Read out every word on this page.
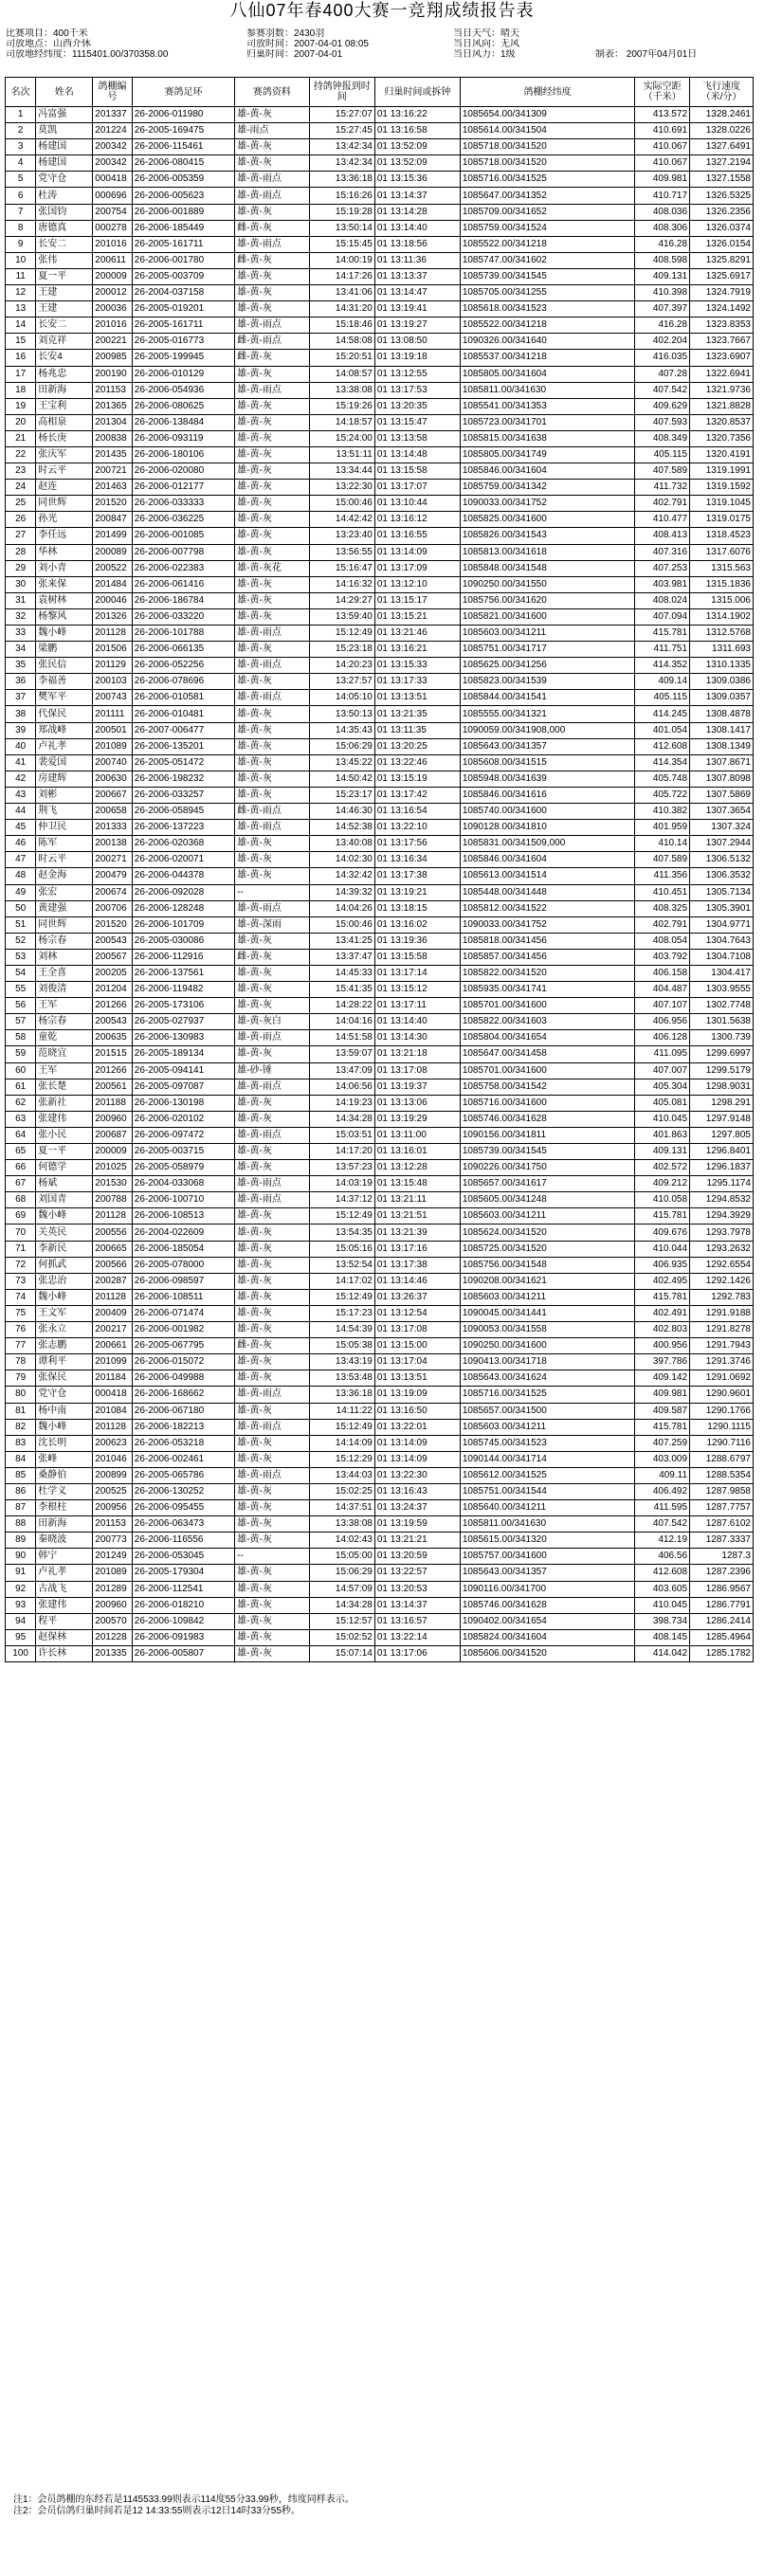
八仙07年春400大赛一竞翔成绩报告表
比赛项目：400千米	参赛羽数：2430羽	当日天气：晴天
司放地点：山西介休	司放时间：2007-04-01 08:05	当日风向：无风
司放地经纬度：1115401.00/370358.00	归巢时间：2007-04-01	当日风力：1级	制表： 2007年04月01日
名次	姓名	鸽棚编号	赛鸽足环	赛鸽资料	持鸽钟报到时间	归巢时间或拆钟	鸽棚经纬度	实际空距（千米）	飞行速度（米/分）
1	冯富强	201337	26-2006-011980	雄-黄-灰	15:27:07	01 13:16:22	1085654.00/341309	413.572	1328.2461
2	莫凯	201224	26-2005-169475	雄-雨点	15:27:45	01 13:16:58	1085614.00/341504	410.691	1328.0226
3	杨建国	200342	26-2006-115461	雄-黄-灰	13:42:34	01 13:52:09	1085718.00/341520	410.067	1327.6491
4	杨建国	200342	26-2006-080415	雄-黄-灰	13:42:34	01 13:52:09	1085718.00/341520	410.067	1327.2194
5	党守仓	000418	26-2006-005359	雄-黄-雨点	13:36:18	01 13:15:36	1085716.00/341525	409.981	1327.1558
6	杜涛	000696	26-2006-005623	雄-黄-雨点	15:16:26	01 13:14:37	1085647.00/341352	410.717	1326.5325
7	张国钧	200754	26-2006-001889	雄-黄-灰	15:19:28	01 13:14:28	1085709.00/341652	408.036	1326.2356
8	唐德真	000278	26-2006-185449	雌-黄-灰	13:50:14	01 13:14:40	1085759.00/341524	408.306	1326.0374
9	长安二	201016	26-2005-161711	雄-黄-雨点	15:15:45	01 13:18:56	1085522.00/341218	416.28	1326.0154
10	张伟	200611	26-2006-001780	雌-黄-灰	14:00:19	01 13:11:36	1085747.00/341602	408.598	1325.8291
11	夏一平	200009	26-2005-003709	雄-黄-灰	14:17:26	01 13:13:37	1085739.00/341545	409.131	1325.6917
12	王建	200012	26-2004-037158	雄-黄-灰	13:41:06	01 13:14:47	1085705.00/341255	410.398	1324.7919
13	王建	200036	26-2005-019201	雄-黄-灰	14:31:20	01 13:19:41	1085618.00/341523	407.397	1324.1492
14	长安二	201016	26-2005-161711	雄-黄-雨点	15:18:46	01 13:19:27	1085522.00/341218	416.28	1323.8353
15	刘克祥	200221	26-2005-016773	雌-黄-雨点	14:58:08	01 13:08:50	1090326.00/341640	402.204	1323.7667
16	长安4	200985	26-2005-199945	雌-黄-灰	15:20:51	01 13:19:18	1085537.00/341218	416.035	1323.6907
17	杨兆忠	200190	26-2006-010129	雄-黄-灰	14:08:57	01 13:12:55	1085805.00/341604	407.28	1322.6941
18	田新海	201153	26-2006-054936	雄-黄-雨点	13:38:08	01 13:17:53	1085811.00/341630	407.542	1321.9736
19	王宝利	201365	26-2006-080625	雄-黄-灰	15:19:26	01 13:20:35	1085541.00/341353	409.629	1321.8828
20	高相泉	201304	26-2006-138484	雄-黄-灰	14:18:57	01 13:15:47	1085723.00/341701	407.593	1320.8537
21	杨长庚	200838	26-2006-093119	雄-黄-灰	15:24:00	01 13:13:58	1085815.00/341638	408.349	1320.7356
22	张庆军	201435	26-2006-180106	雄-黄-灰	13:51:11	01 13:14:48	1085805.00/341749	405.115	1320.4191
23	时云平	200721	26-2006-020080	雄-黄-灰	13:34:44	01 13:15:58	1085846.00/341604	407.589	1319.1991
24	赵连	201463	26-2006-012177	雄-黄-灰	13:22:30	01 13:17:07	1085759.00/341342	411.732	1319.1592
25	同世辉	201520	26-2006-033333	雄-黄-灰	15:00:46	01 13:10:44	1090033.00/341752	402.791	1319.1045
26	孙光	200847	26-2006-036225	雄-黄-灰	14:42:42	01 13:16:12	1085825.00/341600	410.477	1319.0175
27	李任远	201499	26-2006-001085	雄-黄-灰	13:23:40	01 13:16:55	1085826.00/341543	408.413	1318.4523
28	华林	200089	26-2006-007798	雄-黄-灰	13:56:55	01 13:14:09	1085813.00/341618	407.316	1317.6076
29	刘小青	200522	26-2006-022383	雄-黄-灰花	15:16:47	01 13:17:09	1085848.00/341548	407.253	1315.563
30	张来保	201484	26-2006-061416	雄-黄-灰	14:16:32	01 13:12:10	1090250.00/341550	403.981	1315.1836
31	袁树林	200046	26-2006-186784	雄-黄-灰	14:29:27	01 13:15:17	1085756.00/341620	408.024	1315.006
32	杨黎风	201326	26-2006-033220	雄-黄-灰	13:59:40	01 13:15:21	1085821.00/341600	407.094	1314.1902
33	魏小峰	201128	26-2006-101788	雄-黄-雨点	15:12:49	01 13:21:46	1085603.00/341211	415.781	1312.5768
34	梁鹏	201506	26-2006-066135	雄-黄-灰	15:23:18	01 13:16:21	1085751.00/341717	411.751	1311.693
35	张民信	201129	26-2006-052256	雄-黄-雨点	14:20:23	01 13:15:33	1085625.00/341256	414.352	1310.1335
36	李福善	200103	26-2006-078696	雄-黄-灰	13:27:57	01 13:17:33	1085823.00/341539	409.14	1309.0386
37	樊军平	200743	26-2006-010581	雄-黄-雨点	14:05:10	01 13:13:51	1085844.00/341541	405.115	1309.0357
38	代保民	201111	26-2006-010481	雄-黄-灰	13:50:13	01 13:21:35	1085555.00/341321	414.245	1308.4878
39	郑战峰	200501	26-2007-006477	雄-黄-灰	14:35:43	01 13:11:35	1090059.00/341908,000	401.054	1308.1417
40	卢礼孝	201089	26-2006-135201	雄-黄-灰	15:06:29	01 13:20:25	1085643.00/341357	412.608	1308.1349
41	裴爱国	200740	26-2005-051472	雄-黄-灰	13:45:22	01 13:22:46	1085608.00/341515	414.354	1307.8671
42	房建辉	200630	26-2006-198232	雄-黄-灰	14:50:42	01 13:15:19	1085948.00/341639	405.748	1307.8098
43	刘彬	200667	26-2006-033257	雄-黄-灰	15:23:17	01 13:17:42	1085846.00/341616	405.722	1307.5869
44	荆飞	200658	26-2006-058945	雌-黄-雨点	14:46:30	01 13:16:54	1085740.00/341600	410.382	1307.3654
45	仲卫民	201333	26-2006-137223	雄-黄-雨点	14:52:38	01 13:22:10	1090128.00/341810	401.959	1307.324
46	陈军	200138	26-2006-020368	雄-黄-灰	13:40:08	01 13:17:56	1085831.00/341509,000	410.14	1307.2944
47	时云平	200271	26-2006-020071	雄-黄-灰	14:02:30	01 13:16:34	1085846.00/341604	407.589	1306.5132
48	赵金海	200479	26-2006-044378	雄-黄-灰	14:32:42	01 13:17:38	1085613.00/341514	411.356	1306.3532
49	张宏	200674	26-2006-092028	--	14:39:32	01 13:19:21	1085448.00/341448	410.451	1305.7134
50	黄建强	200706	26-2006-128248	雄-黄-雨点	14:04:26	01 13:18:15	1085812.00/341522	408.325	1305.3901
51	同世辉	201520	26-2006-101709	雄-黄-深雨	15:00:46	01 13:16:02	1090033.00/341752	402.791	1304.9771
52	杨宗春	200543	26-2005-030086	雄-黄-灰	13:41:25	01 13:19:36	1085818.00/341456	408.054	1304.7643
53	刘林	200567	26-2006-112916	雌-黄-灰	13:37:47	01 13:15:58	1085857.00/341456	403.792	1304.7108
54	王全喜	200205	26-2006-137561	雄-黄-灰	14:45:33	01 13:17:14	1085822.00/341520	406.158	1304.417
55	刘俊清	201204	26-2006-119482	雄-黄-灰	15:41:35	01 13:15:12	1085935.00/341741	404.487	1303.9555
56	王军	201266	26-2005-173106	雄-黄-灰	14:28:22	01 13:17:11	1085701.00/341600	407.107	1302.7748
57	杨宗春	200543	26-2005-027937	雄-黄-灰白	14:04:16	01 13:14:40	1085822.00/341603	406.956	1301.5638
58	童乾	200635	26-2006-130983	雄-黄-雨点	14:51:58	01 13:14:30	1085804.00/341654	406.128	1300.739
59	范晓宜	201515	26-2005-189134	雄-黄-灰	13:59:07	01 13:21:18	1085647.00/341458	411.095	1299.6997
60	王军	201266	26-2005-094141	雄-砂-锤	13:47:09	01 13:17:08	1085701.00/341600	407.007	1299.5179
61	张长楚	200561	26-2005-097087	雄-黄-雨点	14:06:56	01 13:19:37	1085758.00/341542	405.304	1298.9031
62	张新社	201188	26-2006-130198	雄-黄-灰	14:19:23	01 13:13:06	1085716.00/341600	405.081	1298.291
63	张建伟	200960	26-2006-020102	雄-黄-灰	14:34:28	01 13:19:29	1085746.00/341628	410.045	1297.9148
64	张小民	200687	26-2006-097472	雄-黄-雨点	15:03:51	01 13:11:00	1090156.00/341811	401.863	1297.805
65	夏一平	200009	26-2005-003715	雄-黄-灰	14:17:20	01 13:16:01	1085739.00/341545	409.131	1296.8401
66	何德学	201025	26-2005-058979	雄-黄-灰	13:57:23	01 13:12:28	1090226.00/341750	402.572	1296.1837
67	杨斌	201530	26-2004-033068	雄-黄-雨点	14:03:19	01 13:15:48	1085657.00/341617	409.212	1295.1174
68	刘国青	200788	26-2006-100710	雄-黄-雨点	14:37:12	01 13:21:11	1085605.00/341248	410.058	1294.8532
69	魏小峰	201128	26-2006-108513	雄-黄-灰	15:12:49	01 13:21:51	1085603.00/341211	415.781	1294.3929
70	关英民	200556	26-2004-022609	雄-黄-灰	13:54:35	01 13:21:39	1085624.00/341520	409.676	1293.7978
71	李新民	200665	26-2006-185054	雄-黄-灰	15:05:16	01 13:17:16	1085725.00/341520	410.044	1293.2632
72	何抓武	200566	26-2005-078000	雄-黄-灰	13:52:54	01 13:17:38	1085756.00/341548	406.935	1292.6554
73	张忠治	200287	26-2006-098597	雄-黄-灰	14:17:02	01 13:14:46	1090208.00/341621	402.495	1292.1426
74	魏小峰	201128	26-2006-108511	雄-黄-灰	15:12:49	01 13:26:37	1085603.00/341211	415.781	1292.783
75	王文军	200409	26-2006-071474	雄-黄-灰	15:17:23	01 13:12:54	1090045.00/341441	402.491	1291.9188
76	张永立	200217	26-2006-001982	雄-黄-灰	14:54:39	01 13:17:08	1090053.00/341558	402.803	1291.8278
77	张志鹏	200661	26-2005-067795	雌-黄-灰	15:05:38	01 13:15:00	1090250.00/341600	400.956	1291.7943
78	谭利平	201099	26-2006-015072	雄-黄-灰	13:43:19	01 13:17:04	1090413.00/341718	397.786	1291.3746
79	张保民	201184	26-2006-049988	雄-黄-灰	13:53:48	01 13:13:51	1085643.00/341624	409.142	1291.0692
80	党守仓	000418	26-2006-168662	雄-黄-雨点	13:36:18	01 13:19:09	1085716.00/341525	409.981	1290.9601
81	杨中南	201084	26-2006-067180	雄-黄-灰	14:11:22	01 13:16:50	1085657.00/341500	409.587	1290.1766
82	魏小峰	201128	26-2006-182213	雄-黄-雨点	15:12:49	01 13:22:01	1085603.00/341211	415.781	1290.1115
83	沈长明	200623	26-2006-053218	雄-黄-灰	14:14:09	01 13:14:09	1085745.00/341523	407.259	1290.7116
84	张峰	201046	26-2006-002461	雄-黄-灰	15:12:29	01 13:14:09	1090144.00/341714	403.009	1288.6797
85	桑静伯	200899	26-2005-065786	雄-黄-雨点	13:44:03	01 13:22:30	1085612.00/341525	409.11	1288.5354
86	杜学义	200525	26-2006-130252	雄-黄-灰	15:02:25	01 13:16:43	1085751.00/341544	406.492	1287.9858
87	李根柱	200956	26-2006-095455	雄-黄-灰	14:37:51	01 13:24:37	1085640.00/341211	411.595	1287.7757
88	田新海	201153	26-2006-063473	雄-黄-灰	13:38:08	01 13:19:59	1085811.00/341630	407.542	1287.6102
89	秦晓波	200773	26-2006-116556	雄-黄-灰	14:02:43	01 13:21:21	1085615.00/341320	412.19	1287.3337
90	韩宁	201249	26-2006-053045	--	15:05:00	01 13:20:59	1085757.00/341600	406.56	1287.3
91	卢礼孝	201089	26-2005-179304	雄-黄-灰	15:06:29	01 13:22:57	1085643.00/341357	412.608	1287.2396
92	古战飞	201289	26-2006-112541	雄-黄-灰	14:57:09	01 13:20:53	1090116.00/341700	403.605	1286.9567
93	张建伟	200960	26-2006-018210	雄-黄-灰	14:34:28	01 13:14:37	1085746.00/341628	410.045	1286.7791
94	程平	200570	26-2006-109842	雄-黄-灰	15:12:57	01 13:16:57	1090402.00/341654	398.734	1286.2414
95	赵保林	201228	26-2006-091983	雄-黄-灰	15:02:52	01 13:22:14	1085824.00/341604	408.145	1285.4964
100	许长林	201335	26-2006-005807	雄-黄-灰	15:07:14	01 13:17:06	1085606.00/341520	414.042	1285.1782
注1：会员鸽棚的东经若是1145533.99则表示114度55分33.99秒，纬度同样表示。
注2：会员信鸽归巢时间若是12 14:33:55则表示12日14时33分55秒。
